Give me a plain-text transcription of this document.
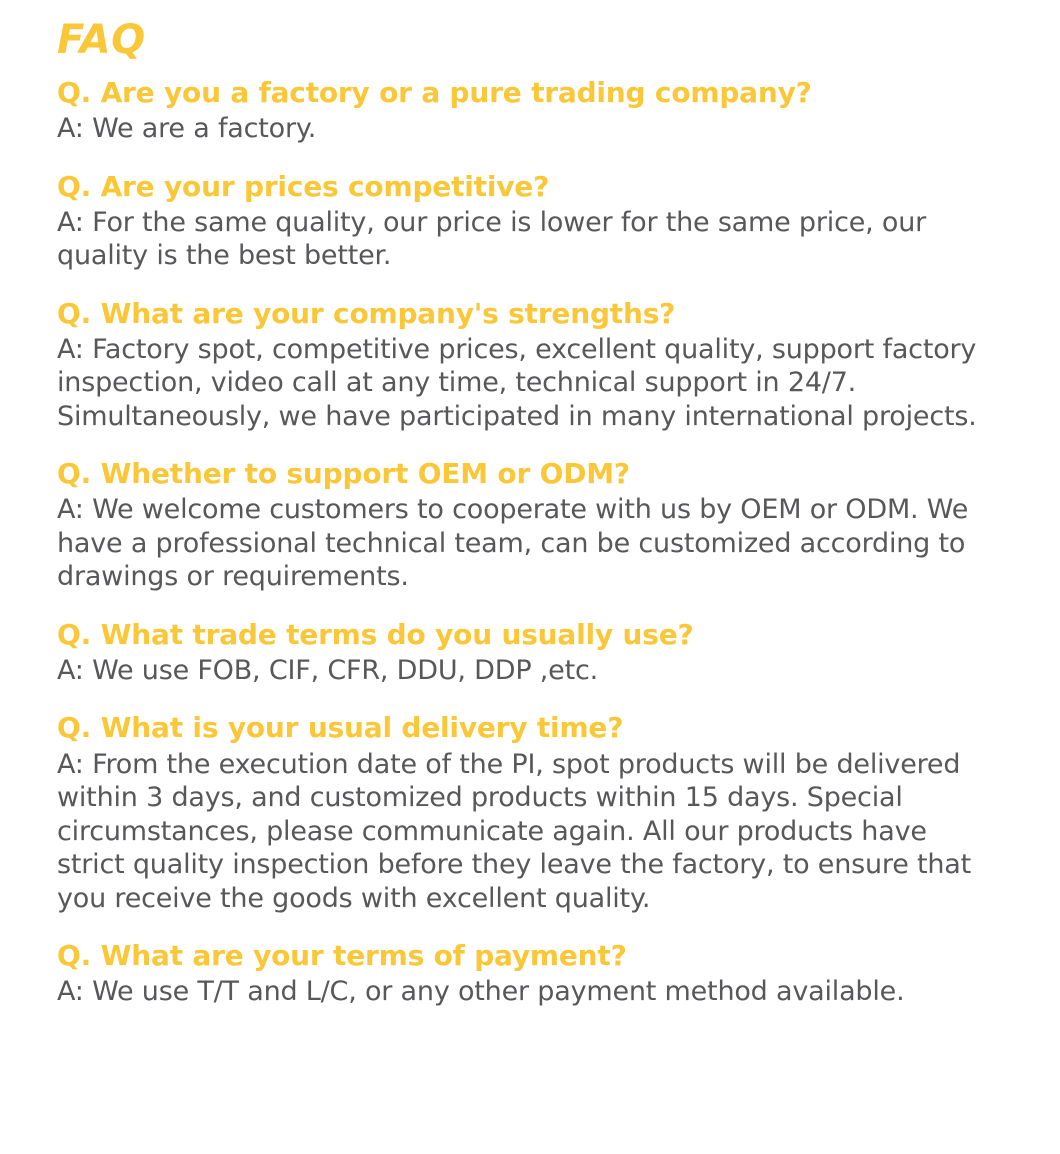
FAQ

Q. Are you a factory or a pure trading company?

A: We are a factory.

Q. Are your prices competitive?

A: For the same quality, our price is lower for the same price, our quality is the best better.

Q. What are your company's strengths?

A: Factory spot, competitive prices, excellent quality, support factory inspection, video call at any time, technical support in 24/7. Simultaneously, we have participated in many international projects.

Q. Whether to support OEM or ODM?

A: We welcome customers to cooperate with us by OEM or ODM. We have a professional technical team, can be customized according to drawings or requirements.

Q. What trade terms do you usually use?

A: We use FOB, CIF, CFR, DDU, DDP ,etc.

Q. What is your usual delivery time?

A: From the execution date of the PI, spot products will be delivered within 3 days, and customized products within 15 days. Special circumstances, please communicate again. All our products have strict quality inspection before they leave the factory, to ensure that you receive the goods with excellent quality.

Q. What are your terms of payment?

A: We use T/T and L/C, or any other payment method available.
